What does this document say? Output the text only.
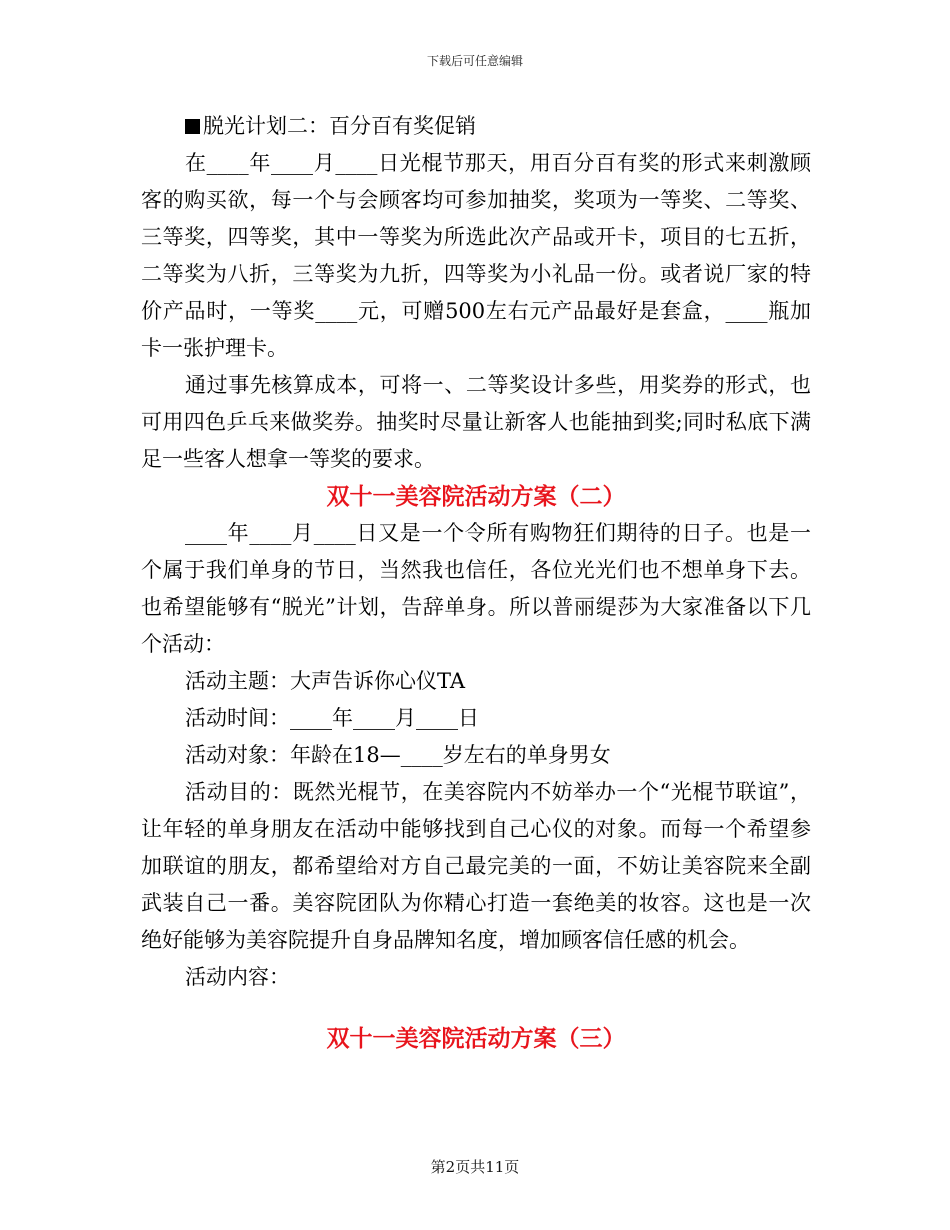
下载后可任意编辑

脱光计划二：百分百有奖促销

在____年____月____日光棍节那天，用百分百有奖的形式来刺激顾客的购买欲，每一个与会顾客均可参加抽奖，奖项为一等奖、二等奖、三等奖，四等奖，其中一等奖为所选此次产品或开卡，项目的七五折，二等奖为八折，三等奖为九折，四等奖为小礼品一份。或者说厂家的特价产品时，一等奖____元，可赠500左右元产品最好是套盒，____瓶加卡一张护理卡。

通过事先核算成本，可将一、二等奖设计多些，用奖券的形式，也可用四色乒乓来做奖券。抽奖时尽量让新客人也能抽到奖;同时私底下满足一些客人想拿一等奖的要求。

双十一美容院活动方案（二）

____年____月____日又是一个令所有购物狂们期待的日子。也是一个属于我们单身的节日，当然我也信任，各位光光们也不想单身下去。也希望能够有“脱光”计划，告辞单身。所以普丽缇莎为大家准备以下几个活动：

活动主题：大声告诉你心仪TA

活动时间：____年____月____日

活动对象：年龄在18—____岁左右的单身男女

活动目的：既然光棍节，在美容院内不妨举办一个“光棍节联谊”，让年轻的单身朋友在活动中能够找到自己心仪的对象。而每一个希望参加联谊的朋友，都希望给对方自己最完美的一面，不妨让美容院来全副武装自己一番。美容院团队为你精心打造一套绝美的妆容。这也是一次绝好能够为美容院提升自身品牌知名度，增加顾客信任感的机会。

活动内容：

双十一美容院活动方案（三）

第2页共11页
